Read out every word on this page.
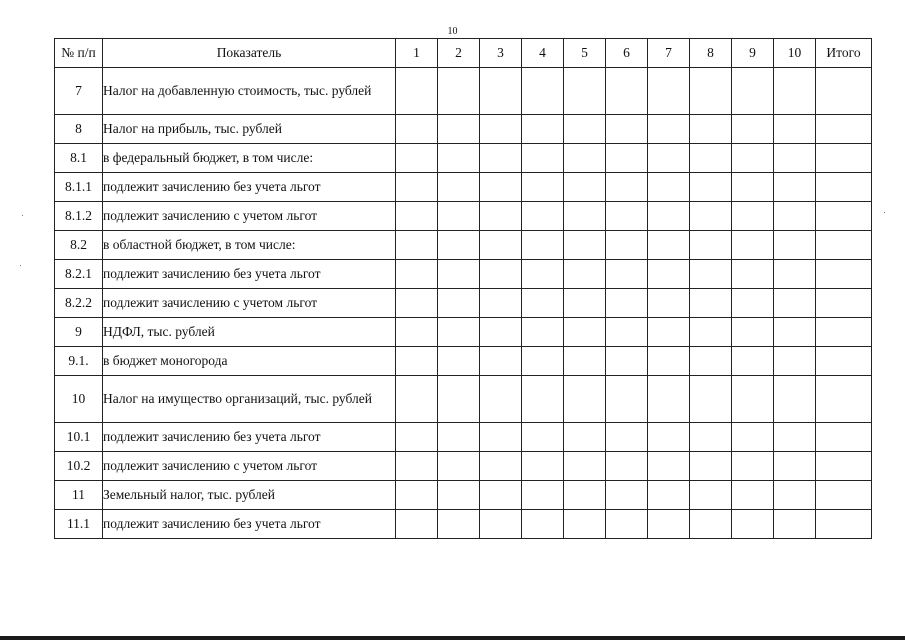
10
№ п/п	Показатель	1	2	3	4	5	6	7	8	9	10	Итого
7	Налог на добавленную стоимость, тыс. рублей											
8	Налог на прибыль, тыс. рублей											
8.1	в федеральный бюджет, в том числе:											
8.1.1	подлежит зачислению без учета льгот											
8.1.2	подлежит зачислению с учетом льгот											
8.2	в областной бюджет, в том числе:											
8.2.1	подлежит зачислению без учета льгот											
8.2.2	подлежит зачислению с учетом льгот											
9	НДФЛ, тыс. рублей											
9.1.	в бюджет моногорода											
10	Налог на имущество организаций, тыс. рублей											
10.1	подлежит зачислению без учета льгот											
10.2	подлежит зачислению с учетом льгот											
11	Земельный налог, тыс. рублей											
11.1	подлежит зачислению без учета льгот											
